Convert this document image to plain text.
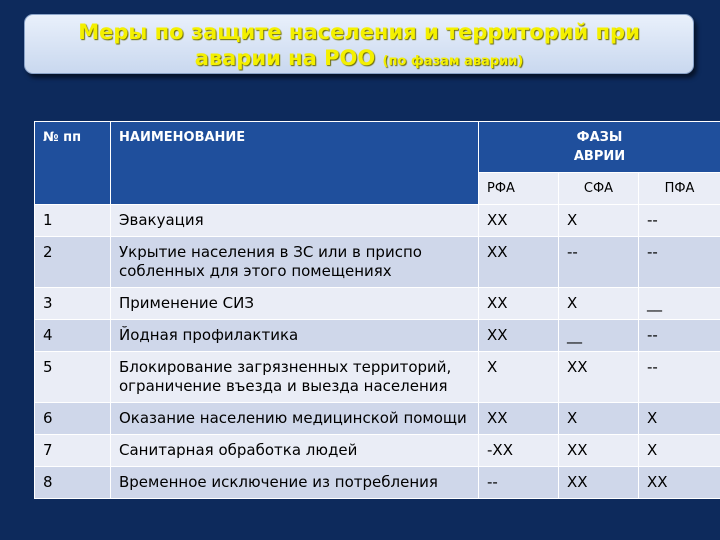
Меры по защите населения и территорий при
аварии на РОО (по фазам аварии)
№ пп	НАИМЕНОВАНИЕ	ФАЗЫ
АВРИИ		
		РФА	СФА	ПФА
1	Эвакуация	ХХ	Х	--
2	Укрытие населения в ЗС или в приспо
собленных для этого помещениях	ХХ	--	--
3	Применение СИЗ	ХХ	Х	__
4	Йодная профилактика	ХХ	__	--
5	Блокирование загрязненных территорий, ограничение въезда и выезда населения	Х	ХХ	--
6	Оказание населению медицинской помощи	ХХ	Х	Х
7	Санитарная обработка людей	-ХХ	ХХ	Х
8	Временное исключение из потребления	--	ХХ	ХХ
